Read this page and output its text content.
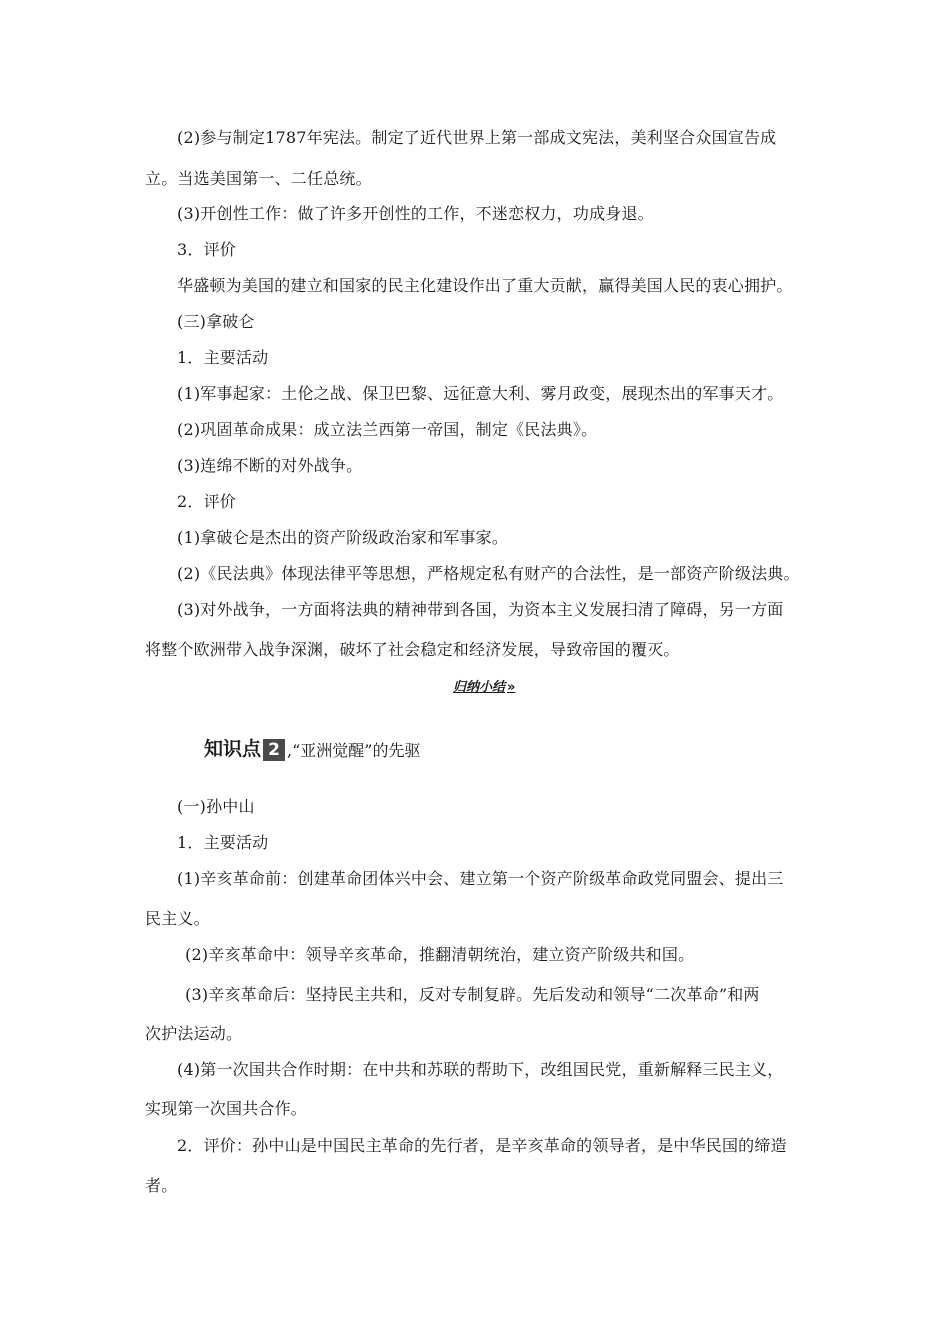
(2)参与制定1787年宪法。制定了近代世界上第一部成文宪法，美利坚合众国宣告成
立。当选美国第一、二任总统。
(3)开创性工作：做了许多开创性的工作，不迷恋权力，功成身退。
3．评价
华盛顿为美国的建立和国家的民主化建设作出了重大贡献，赢得美国人民的衷心拥护。
(三)拿破仑
1．主要活动
(1)军事起家：土伦之战、保卫巴黎、远征意大利、雾月政变，展现杰出的军事天才。
(2)巩固革命成果：成立法兰西第一帝国，制定《民法典》。
(3)连绵不断的对外战争。
2．评价
(1)拿破仑是杰出的资产阶级政治家和军事家。
(2)《民法典》体现法律平等思想，严格规定私有财产的合法性，是一部资产阶级法典。
(3)对外战争，一方面将法典的精神带到各国，为资本主义发展扫清了障碍，另一方面
将整个欧洲带入战争深渊，破坏了社会稳定和经济发展，导致帝国的覆灭。
归纳小结 »
知识点 2 ,“亚洲觉醒”的先驱
(一)孙中山
1．主要活动
(1)辛亥革命前：创建革命团体兴中会、建立第一个资产阶级革命政党同盟会、提出三
民主义。
(2)辛亥革命中：领导辛亥革命，推翻清朝统治，建立资产阶级共和国。
(3)辛亥革命后：坚持民主共和，反对专制复辟。先后发动和领导“二次革命”和两
次护法运动。
(4)第一次国共合作时期：在中共和苏联的帮助下，改组国民党，重新解释三民主义，
实现第一次国共合作。
2．评价：孙中山是中国民主革命的先行者，是辛亥革命的领导者，是中华民国的缔造
者。
